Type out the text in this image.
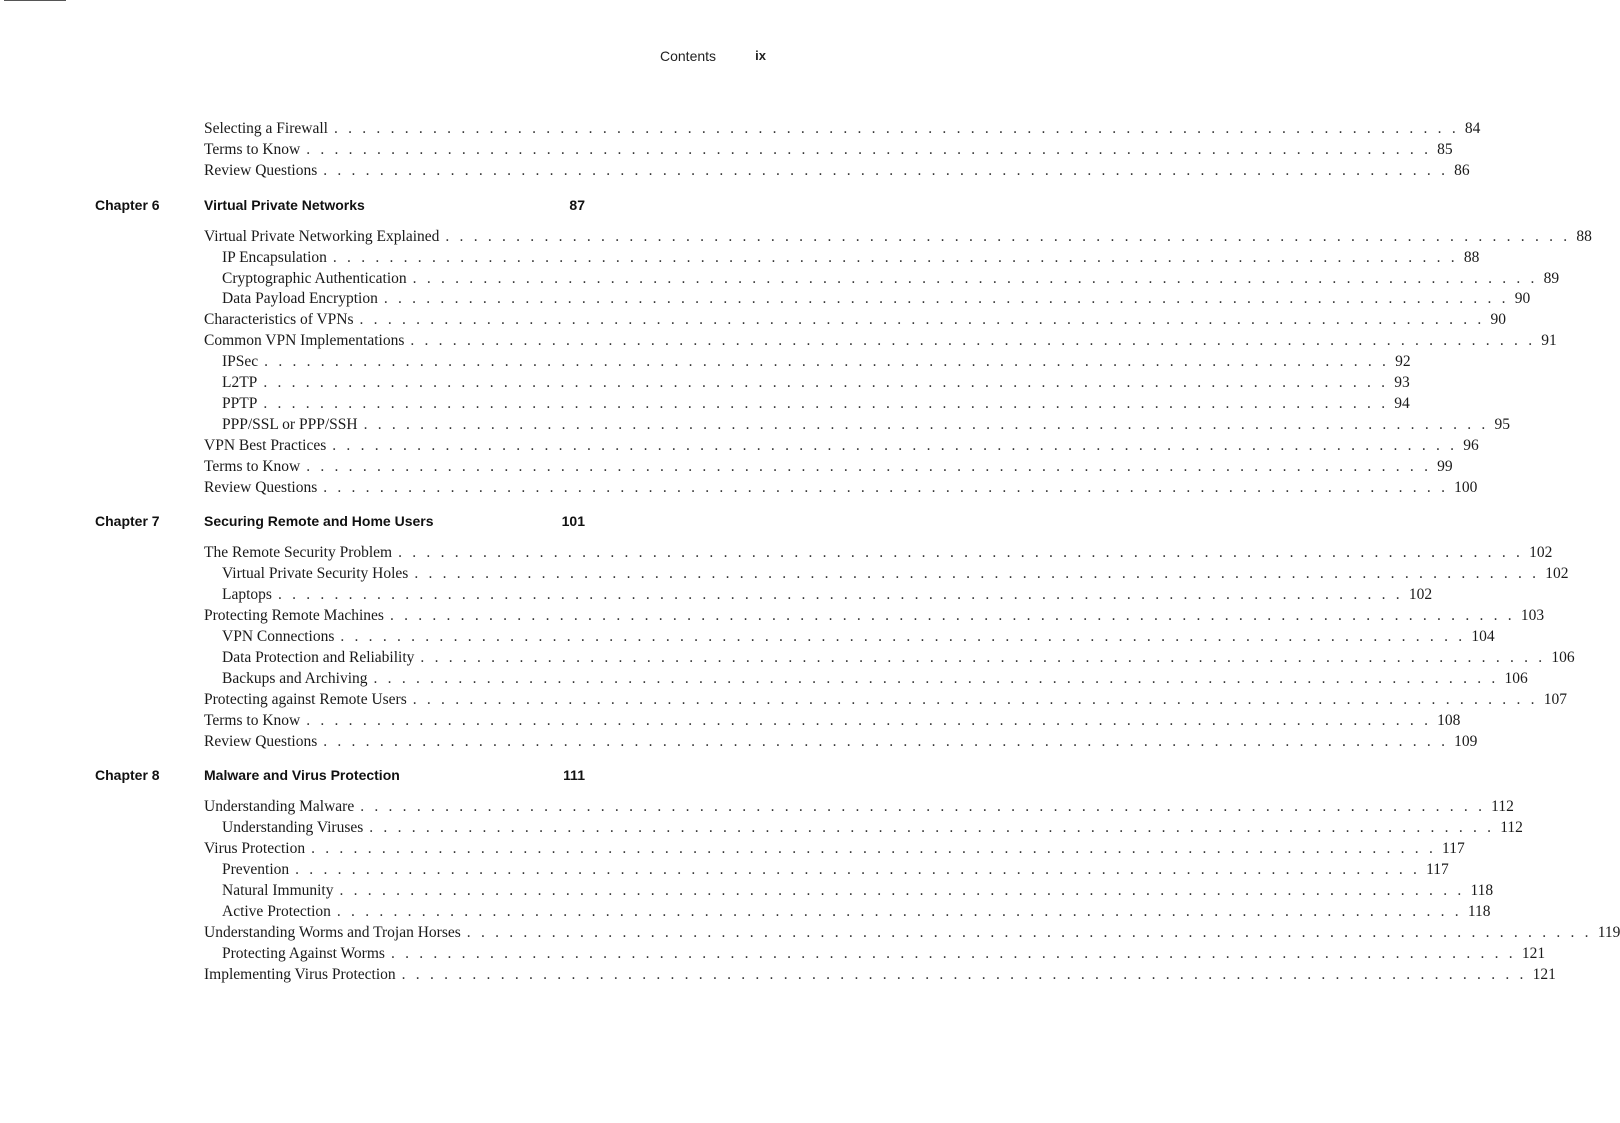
Contents	ix
Selecting a Firewall . . . . . . . . . . . . . . . . . . . . . . . . . . . . . . . . . . . . . . . . . . . . . . . . . . . . . . . . . . . . . . . . . . . . . . . . . . . . . . . . 84
Terms to Know . . . . . . . . . . . . . . . . . . . . . . . . . . . . . . . . . . . . . . . . . . . . . . . . . . . . . . . . . . . . . . . . . . . . . . . . . . . . . . . . 85
Review Questions . . . . . . . . . . . . . . . . . . . . . . . . . . . . . . . . . . . . . . . . . . . . . . . . . . . . . . . . . . . . . . . . . . . . . . . . . . . . . . . . 86
Chapter 6	Virtual Private Networks	87
Virtual Private Networking Explained . . . . . . . . . . . . . . . . . . . . . . . . . . . . . . . . . . . . . . . . . . . . . . . . . . . . . . . . . . . . . . . . . . . . . . . . . . . . . . . . 88
IP Encapsulation . . . . . . . . . . . . . . . . . . . . . . . . . . . . . . . . . . . . . . . . . . . . . . . . . . . . . . . . . . . . . . . . . . . . . . . . . . . . . . . . 88
Cryptographic Authentication . . . . . . . . . . . . . . . . . . . . . . . . . . . . . . . . . . . . . . . . . . . . . . . . . . . . . . . . . . . . . . . . . . . . . . . . . . . . . . . . 89
Data Payload Encryption . . . . . . . . . . . . . . . . . . . . . . . . . . . . . . . . . . . . . . . . . . . . . . . . . . . . . . . . . . . . . . . . . . . . . . . . . . . . . . . . 90
Characteristics of VPNs . . . . . . . . . . . . . . . . . . . . . . . . . . . . . . . . . . . . . . . . . . . . . . . . . . . . . . . . . . . . . . . . . . . . . . . . . . . . . . . . 90
Common VPN Implementations . . . . . . . . . . . . . . . . . . . . . . . . . . . . . . . . . . . . . . . . . . . . . . . . . . . . . . . . . . . . . . . . . . . . . . . . . . . . . . . . 91
IPSec . . . . . . . . . . . . . . . . . . . . . . . . . . . . . . . . . . . . . . . . . . . . . . . . . . . . . . . . . . . . . . . . . . . . . . . . . . . . . . . . 92
L2TP . . . . . . . . . . . . . . . . . . . . . . . . . . . . . . . . . . . . . . . . . . . . . . . . . . . . . . . . . . . . . . . . . . . . . . . . . . . . . . . . 93
PPTP . . . . . . . . . . . . . . . . . . . . . . . . . . . . . . . . . . . . . . . . . . . . . . . . . . . . . . . . . . . . . . . . . . . . . . . . . . . . . . . . 94
PPP/SSL or PPP/SSH . . . . . . . . . . . . . . . . . . . . . . . . . . . . . . . . . . . . . . . . . . . . . . . . . . . . . . . . . . . . . . . . . . . . . . . . . . . . . . . . 95
VPN Best Practices . . . . . . . . . . . . . . . . . . . . . . . . . . . . . . . . . . . . . . . . . . . . . . . . . . . . . . . . . . . . . . . . . . . . . . . . . . . . . . . . 96
Terms to Know . . . . . . . . . . . . . . . . . . . . . . . . . . . . . . . . . . . . . . . . . . . . . . . . . . . . . . . . . . . . . . . . . . . . . . . . . . . . . . . . 99
Review Questions . . . . . . . . . . . . . . . . . . . . . . . . . . . . . . . . . . . . . . . . . . . . . . . . . . . . . . . . . . . . . . . . . . . . . . . . . . . . . . . . 100
Chapter 7	Securing Remote and Home Users	101
The Remote Security Problem . . . . . . . . . . . . . . . . . . . . . . . . . . . . . . . . . . . . . . . . . . . . . . . . . . . . . . . . . . . . . . . . . . . . . . . . . . . . . . . . 102
Virtual Private Security Holes . . . . . . . . . . . . . . . . . . . . . . . . . . . . . . . . . . . . . . . . . . . . . . . . . . . . . . . . . . . . . . . . . . . . . . . . . . . . . . . . 102
Laptops . . . . . . . . . . . . . . . . . . . . . . . . . . . . . . . . . . . . . . . . . . . . . . . . . . . . . . . . . . . . . . . . . . . . . . . . . . . . . . . . 102
Protecting Remote Machines . . . . . . . . . . . . . . . . . . . . . . . . . . . . . . . . . . . . . . . . . . . . . . . . . . . . . . . . . . . . . . . . . . . . . . . . . . . . . . . . 103
VPN Connections . . . . . . . . . . . . . . . . . . . . . . . . . . . . . . . . . . . . . . . . . . . . . . . . . . . . . . . . . . . . . . . . . . . . . . . . . . . . . . . . 104
Data Protection and Reliability . . . . . . . . . . . . . . . . . . . . . . . . . . . . . . . . . . . . . . . . . . . . . . . . . . . . . . . . . . . . . . . . . . . . . . . . . . . . . . . . 106
Backups and Archiving . . . . . . . . . . . . . . . . . . . . . . . . . . . . . . . . . . . . . . . . . . . . . . . . . . . . . . . . . . . . . . . . . . . . . . . . . . . . . . . . 106
Protecting against Remote Users . . . . . . . . . . . . . . . . . . . . . . . . . . . . . . . . . . . . . . . . . . . . . . . . . . . . . . . . . . . . . . . . . . . . . . . . . . . . . . . . 107
Terms to Know . . . . . . . . . . . . . . . . . . . . . . . . . . . . . . . . . . . . . . . . . . . . . . . . . . . . . . . . . . . . . . . . . . . . . . . . . . . . . . . . 108
Review Questions . . . . . . . . . . . . . . . . . . . . . . . . . . . . . . . . . . . . . . . . . . . . . . . . . . . . . . . . . . . . . . . . . . . . . . . . . . . . . . . . 109
Chapter 8	Malware and Virus Protection	111
Understanding Malware . . . . . . . . . . . . . . . . . . . . . . . . . . . . . . . . . . . . . . . . . . . . . . . . . . . . . . . . . . . . . . . . . . . . . . . . . . . . . . . . 112
Understanding Viruses . . . . . . . . . . . . . . . . . . . . . . . . . . . . . . . . . . . . . . . . . . . . . . . . . . . . . . . . . . . . . . . . . . . . . . . . . . . . . . . . 112
Virus Protection . . . . . . . . . . . . . . . . . . . . . . . . . . . . . . . . . . . . . . . . . . . . . . . . . . . . . . . . . . . . . . . . . . . . . . . . . . . . . . . . 117
Prevention . . . . . . . . . . . . . . . . . . . . . . . . . . . . . . . . . . . . . . . . . . . . . . . . . . . . . . . . . . . . . . . . . . . . . . . . . . . . . . . . 117
Natural Immunity . . . . . . . . . . . . . . . . . . . . . . . . . . . . . . . . . . . . . . . . . . . . . . . . . . . . . . . . . . . . . . . . . . . . . . . . . . . . . . . . 118
Active Protection . . . . . . . . . . . . . . . . . . . . . . . . . . . . . . . . . . . . . . . . . . . . . . . . . . . . . . . . . . . . . . . . . . . . . . . . . . . . . . . . 118
Understanding Worms and Trojan Horses . . . . . . . . . . . . . . . . . . . . . . . . . . . . . . . . . . . . . . . . . . . . . . . . . . . . . . . . . . . . . . . . . . . . . . . . . . . . . . . . 119
Protecting Against Worms . . . . . . . . . . . . . . . . . . . . . . . . . . . . . . . . . . . . . . . . . . . . . . . . . . . . . . . . . . . . . . . . . . . . . . . . . . . . . . . . 121
Implementing Virus Protection . . . . . . . . . . . . . . . . . . . . . . . . . . . . . . . . . . . . . . . . . . . . . . . . . . . . . . . . . . . . . . . . . . . . . . . . . . . . . . . . 121
